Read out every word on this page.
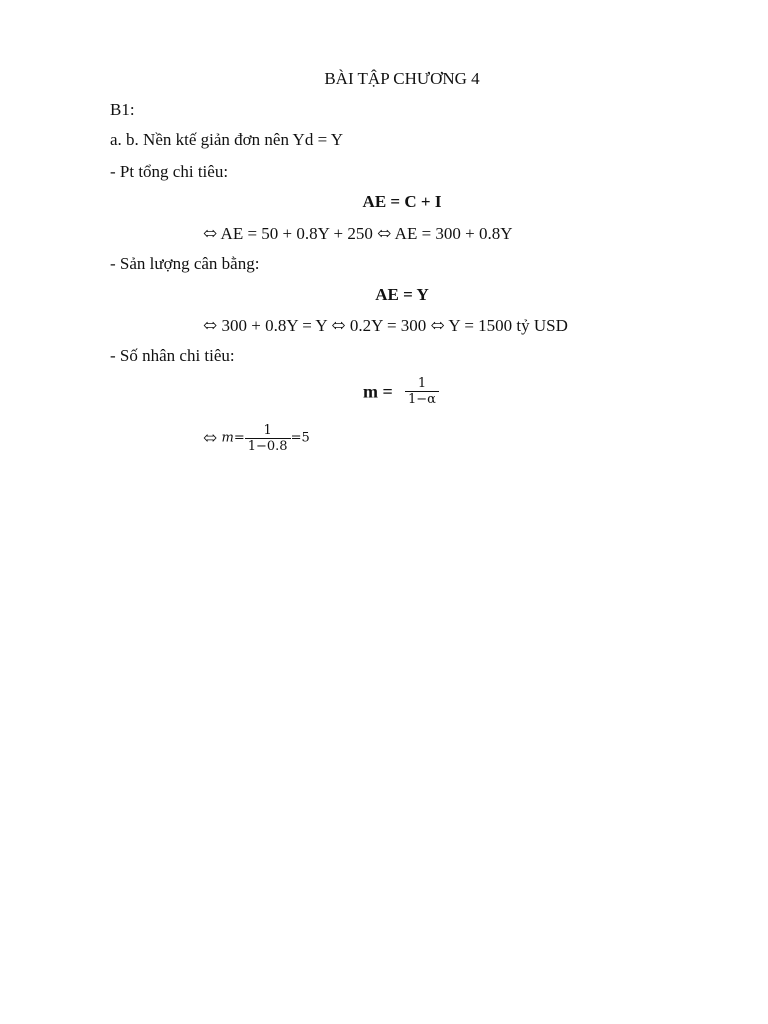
BÀI TẬP CHƯƠNG 4
B1:
a. b. Nền ktế giản đơn nên Yd = Y
- Pt tổng chi tiêu:
AE = C + I
⬄ AE = 50 + 0.8Y + 250 ⬄ AE = 300 + 0.8Y
- Sản lượng cân bằng:
AE = Y
⬄ 300 + 0.8Y = Y ⬄ 0.2Y = 300 ⬄ Y = 1500 tỷ USD
- Số nhân chi tiêu:
$m = \frac{1}{1-\alpha}$
⬄ $m= \frac{1}{1-0.8} =5$
